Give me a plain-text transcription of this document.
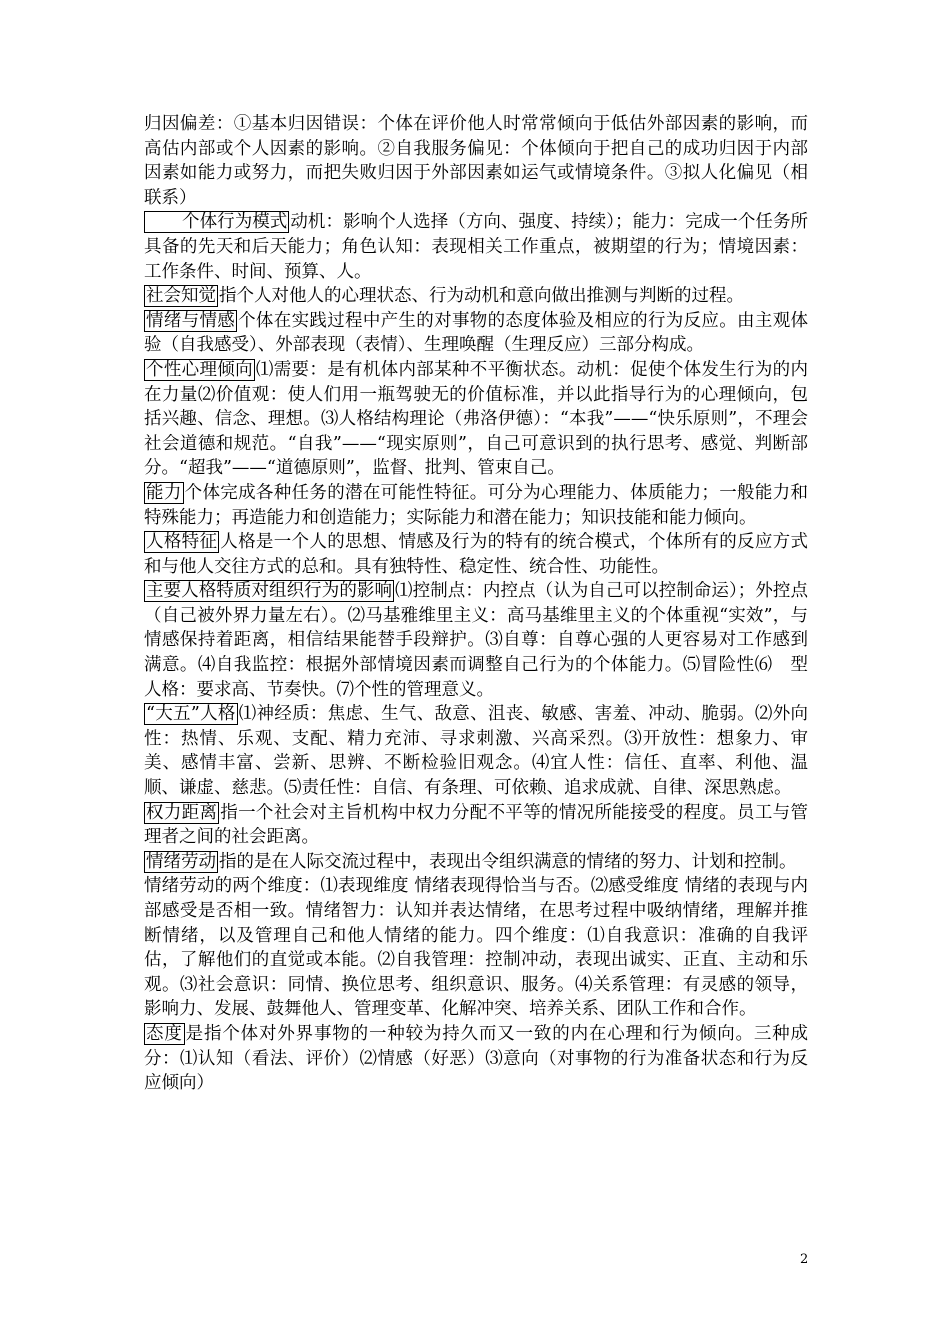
归因偏差：①基本归因错误：个体在评价他人时常常倾向于低估外部因素的影响，而高估内部或个人因素的影响。②自我服务偏见：个体倾向于把自己的成功归因于内部因素如能力或努力，而把失败归因于外部因素如运气或情境条件。③拟人化偏见（相联系）

个体行为模式 动机：影响个人选择（方向、强度、持续）；能力：完成一个任务所具备的先天和后天能力；角色认知：表现相关工作重点，被期望的行为；情境因素：工作条件、时间、预算、人。

社会知觉 指个人对他人的心理状态、行为动机和意向做出推测与判断的过程。

情绪与情感 个体在实践过程中产生的对事物的态度体验及相应的行为反应。由主观体验（自我感受）、外部表现（表情）、生理唤醒（生理反应）三部分构成。

个性心理倾向 ⑴需要：是有机体内部某种不平衡状态。动机：促使个体发生行为的内在力量⑵价值观：使人们用一瓶驾驶无的价值标准，并以此指导行为的心理倾向，包括兴趣、信念、理想。⑶人格结构理论（弗洛伊德）：“本我”——“快乐原则”，不理会社会道德和规范。“自我”——“现实原则”，自己可意识到的执行思考、感觉、判断部分。“超我”——“道德原则”，监督、批判、管束自己。

能力 个体完成各种任务的潜在可能性特征。可分为心理能力、体质能力；一般能力和特殊能力；再造能力和创造能力；实际能力和潜在能力；知识技能和能力倾向。

人格特征 人格是一个人的思想、情感及行为的特有的统合模式，个体所有的反应方式和与他人交往方式的总和。具有独特性、稳定性、统合性、功能性。

主要人格特质对组织行为的影响 ⑴控制点：内控点（认为自己可以控制命运）；外控点（自己被外界力量左右）。⑵马基雅维里主义：高马基维里主义的个体重视“实效”，与情感保持着距离，相信结果能替手段辩护。⑶自尊：自尊心强的人更容易对工作感到满意。⑷自我监控：根据外部情境因素而调整自己行为的个体能力。⑸冒险性⑹　型人格：要求高、节奏快。⑺个性的管理意义。

“大五”人格 ⑴神经质：焦虑、生气、敌意、沮丧、敏感、害羞、冲动、脆弱。⑵外向性：热情、乐观、支配、精力充沛、寻求刺激、兴高采烈。⑶开放性：想象力、审美、感情丰富、尝新、思辨、不断检验旧观念。⑷宜人性：信任、直率、利他、温顺、谦虚、慈悲。⑸责任性：自信、有条理、可依赖、追求成就、自律、深思熟虑。

权力距离 指一个社会对主旨机构中权力分配不平等的情况所能接受的程度。员工与管理者之间的社会距离。

情绪劳动 指的是在人际交流过程中，表现出令组织满意的情绪的努力、计划和控制。

情绪劳动的两个维度：⑴表现维度 情绪表现得恰当与否。⑵感受维度 情绪的表现与内部感受是否相一致。情绪智力：认知并表达情绪，在思考过程中吸纳情绪，理解并推断情绪，以及管理自己和他人情绪的能力。四个维度：⑴自我意识：准确的自我评估，了解他们的直觉或本能。⑵自我管理：控制冲动，表现出诚实、正直、主动和乐观。⑶社会意识：同情、换位思考、组织意识、服务。⑷关系管理：有灵感的领导，影响力、发展、鼓舞他人、管理变革、化解冲突、培养关系、团队工作和合作。

态度 是指个体对外界事物的一种较为持久而又一致的内在心理和行为倾向。三种成分：⑴认知（看法、评价）⑵情感（好恶）⑶意向（对事物的行为准备状态和行为反应倾向）

2
